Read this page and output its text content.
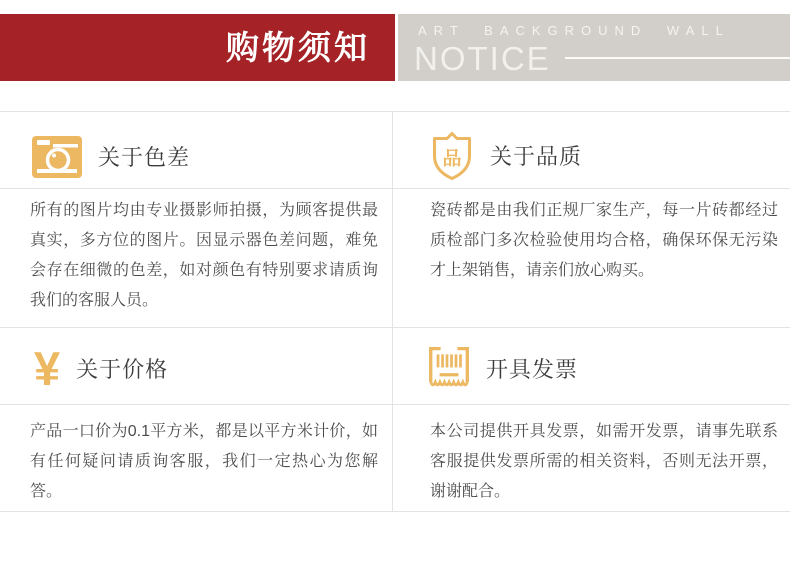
购物须知	ART BACKGROUND WALL
NOTICE
关于色差	品 关于品质
¥ 关于价格	开具发票
所有的图片均由专业摄影师拍摄，为顾客提供最真实，多方位的图片。因显示器色差问题，难免会存在细微的色差，如对颜色有特别要求请质询我们的客服人员。
瓷砖都是由我们正规厂家生产，每一片砖都经过质检部门多次检验使用均合格，确保环保无污染才上架销售，请亲们放心购买。
产品一口价为0.1平方米，都是以平方米计价，如有任何疑问请质询客服，我们一定热心为您解答。
本公司提供开具发票，如需开发票，请事先联系客服提供发票所需的相关资料，否则无法开票，谢谢配合。
